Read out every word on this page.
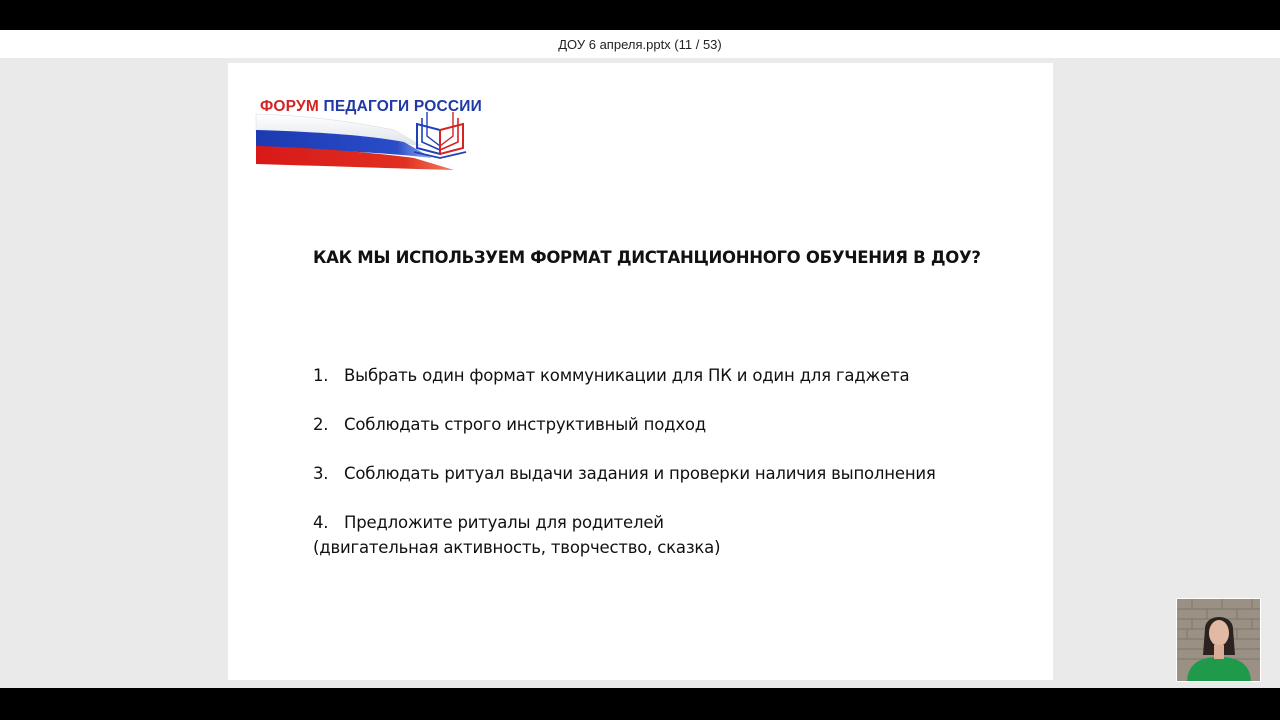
ДОУ 6 апреля.pptx (11 / 53)
ФОРУМ ПЕДАГОГИ РОССИИ
КАК МЫ ИСПОЛЬЗУЕМ ФОРМАТ ДИСТАНЦИОННОГО ОБУЧЕНИЯ В ДОУ?
1. Выбрать один формат коммуникации для ПК и один для гаджета
2. Соблюдать строго инструктивный подход
3. Соблюдать ритуал выдачи задания и проверки наличия выполнения
4. Предложите ритуалы для родителей
(двигательная активность, творчество, сказка)
